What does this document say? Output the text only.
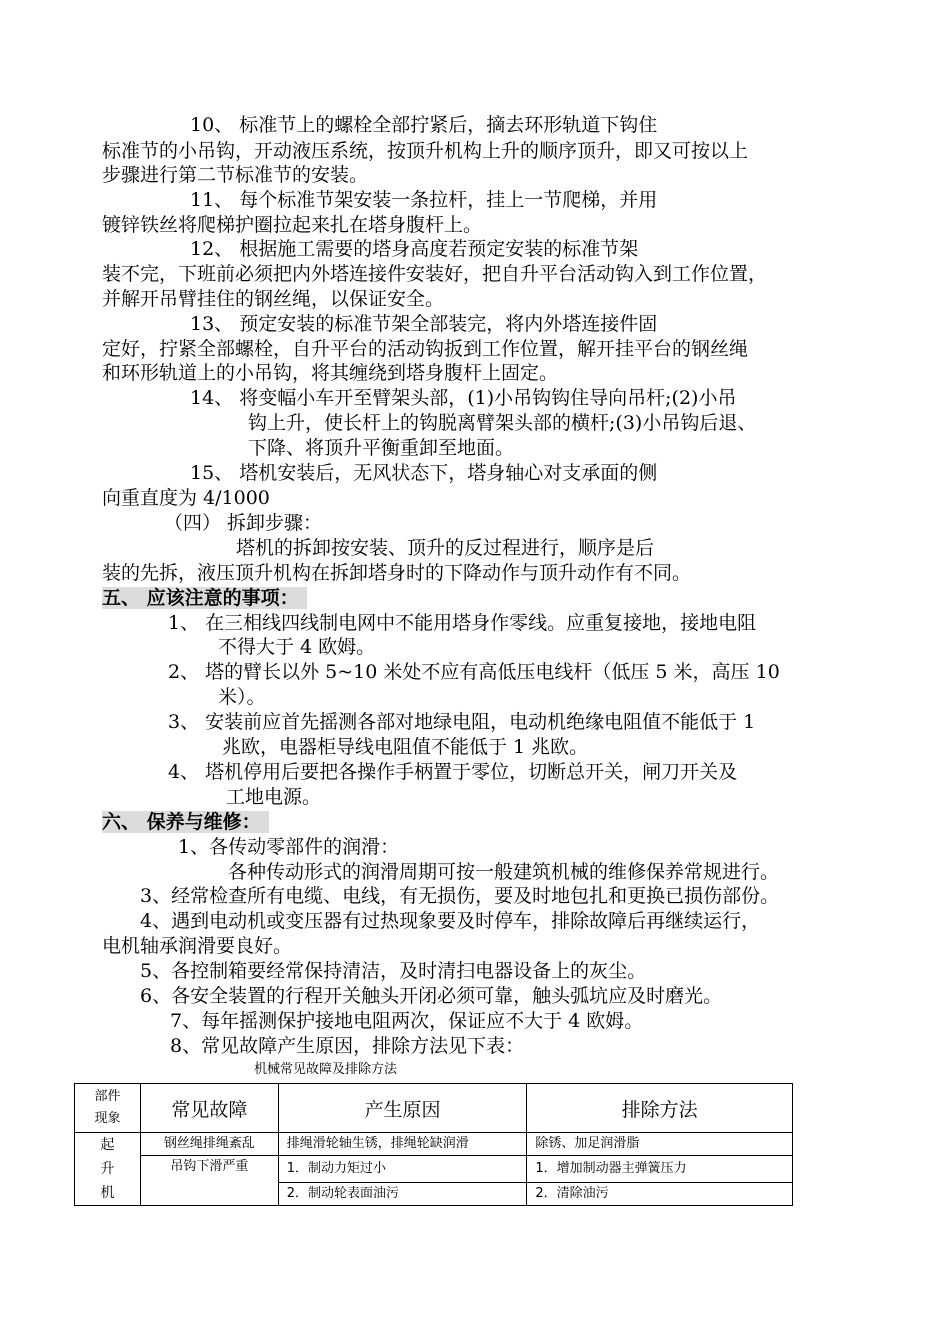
10、 标准节上的螺栓全部拧紧后，摘去环形轨道下钩住
标准节的小吊钩，开动液压系统，按顶升机构上升的顺序顶升，即又可按以上
步骤进行第二节标准节的安装。
11、 每个标准节架安装一条拉杆，挂上一节爬梯，并用
镀锌铁丝将爬梯护圈拉起来扎在塔身腹杆上。
12、 根据施工需要的塔身高度若预定安装的标准节架
装不完，下班前必须把内外塔连接件安装好，把自升平台活动钩入到工作位置，
并解开吊臂挂住的钢丝绳，以保证安全。
13、 预定安装的标准节架全部装完，将内外塔连接件固
定好，拧紧全部螺栓，自升平台的活动钩扳到工作位置，解开挂平台的钢丝绳
和环形轨道上的小吊钩，将其缠绕到塔身腹杆上固定。
14、 将变幅小车开至臂架头部，(1)小吊钩钩住导向吊杆;(2)小吊
钩上升，使长杆上的钩脱离臂架头部的横杆;(3)小吊钩后退、
下降、将顶升平衡重卸至地面。
15、 塔机安装后，无风状态下，塔身轴心对支承面的侧
向重直度为 4/1000
（四） 拆卸步骤：
塔机的拆卸按安装、顶升的反过程进行，顺序是后
装的先拆，液压顶升机构在拆卸塔身时的下降动作与顶升动作有不同。
五、 应该注意的事项：
1、 在三相线四线制电网中不能用塔身作零线。应重复接地，接地电阻
不得大于 4 欧姆。
2、 塔的臂长以外 5~10 米处不应有高低压电线杆（低压 5 米，高压 10
米）。
3、 安装前应首先摇测各部对地绿电阻，电动机绝缘电阻值不能低于 1
兆欧，电器柜导线电阻值不能低于 1 兆欧。
4、 塔机停用后要把各操作手柄置于零位，切断总开关，闸刀开关及
工地电源。
六、 保养与维修：
1、各传动零部件的润滑：
各种传动形式的润滑周期可按一般建筑机械的维修保养常规进行。
3、经常检查所有电缆、电线，有无损伤，要及时地包扎和更换已损伤部份。
4、遇到电动机或变压器有过热现象要及时停车，排除故障后再继续运行，
电机轴承润滑要良好。
5、各控制箱要经常保持清洁，及时清扫电器设备上的灰尘。
6、各安全装置的行程开关触头开闭必须可靠，触头弧坑应及时磨光。
7、每年摇测保护接地电阻两次，保证应不大于 4 欧姆。
8、常见故障产生原因，排除方法见下表：
机械常见故障及排除方法
部件
现象	常见故障	产生原因	排除方法

起
升
机	钢丝绳排绳紊乱	排绳滑轮轴生锈，排绳轮缺润滑	除锈、加足润滑脂
	吊钩下滑严重	1．制动力矩过小	1．增加制动器主弹簧压力
		2．制动轮表面油污	2．清除油污
